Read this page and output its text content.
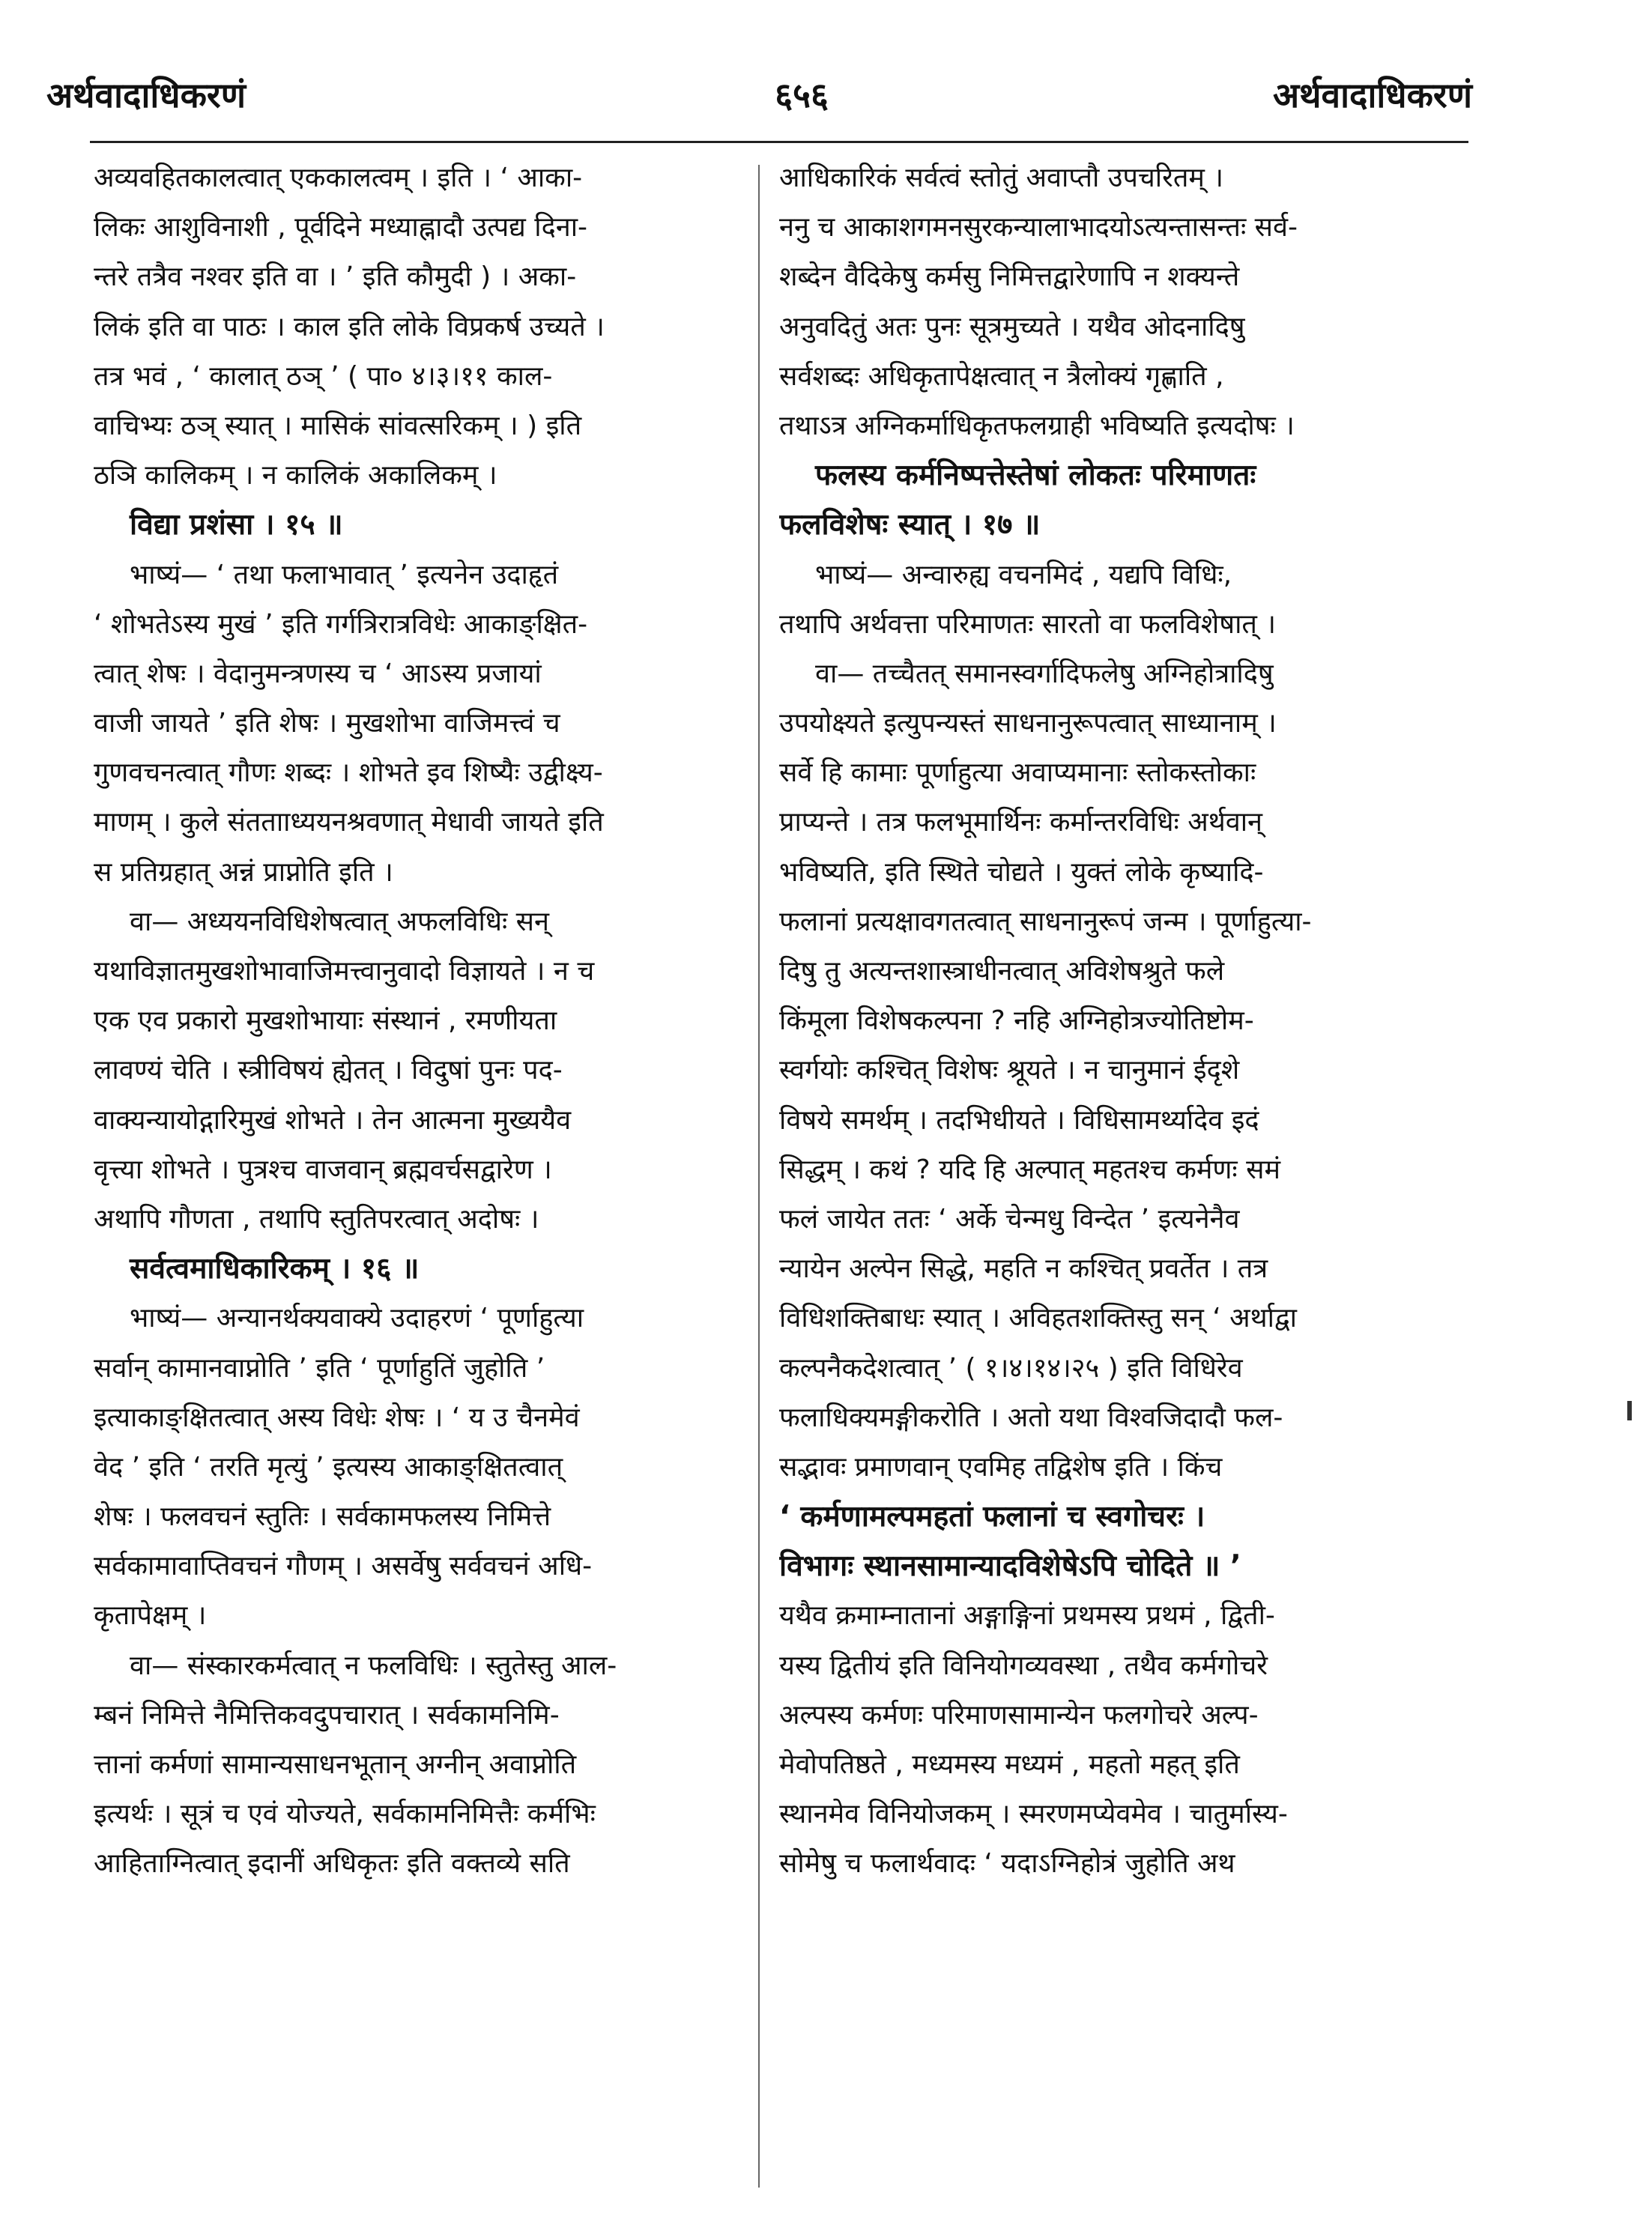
अर्थवादाधिकरणं	६५६	अर्थवादाधिकरणं
अव्यवहितकालत्वात् एककालत्वम् । इति । ‘ आका-
लिकः आशुविनाशी , पूर्वदिने मध्याह्नादौ उत्पद्य दिना-
न्तरे तत्रैव नश्वर इति वा । ’ इति कौमुदी ) । अका-
लिकं इति वा पाठः । काल इति लोके विप्रकर्ष उच्यते ।
तत्र भवं , ‘ कालात् ठञ् ’ ( पा० ४।३।११ काल-
वाचिभ्यः ठञ् स्यात् । मासिकं सांवत्सरिकम् । ) इति
ठञि कालिकम् । न कालिकं अकालिकम् ।
विद्या प्रशंसा । १५ ॥
भाष्यं— ‘ तथा फलाभावात् ’ इत्यनेन उदाहृतं
‘ शोभतेऽस्य मुखं ’ इति गर्गत्रिरात्रविधेः आकाङ्क्षित-
त्वात् शेषः । वेदानुमन्त्रणस्य च ‘ आऽस्य प्रजायां
वाजी जायते ’ इति शेषः । मुखशोभा वाजिमत्त्वं च
गुणवचनत्वात् गौणः शब्दः । शोभते इव शिष्यैः उद्वीक्ष्य-
माणम् । कुले संततााध्ययनश्रवणात् मेधावी जायते इति
स प्रतिग्रहात् अन्नं प्राप्नोति इति ।
वा— अध्ययनविधिशेषत्वात् अफलविधिः सन्
यथाविज्ञातमुखशोभावाजिमत्त्वानुवादो विज्ञायते । न च
एक एव प्रकारो मुखशोभायाः संस्थानं , रमणीयता
लावण्यं चेति । स्त्रीविषयं ह्येतत् । विदुषां पुनः पद-
वाक्यन्यायोद्गारिमुखं शोभते । तेन आत्मना मुख्ययैव
वृत्त्या शोभते । पुत्रश्च वाजवान् ब्रह्मवर्चसद्वारेण ।
अथापि गौणता , तथापि स्तुतिपरत्वात् अदोषः ।
सर्वत्वमाधिकारिकम् । १६ ॥
भाष्यं— अन्यानर्थक्यवाक्ये उदाहरणं ‘ पूर्णाहुत्या
सर्वान् कामानवाप्नोति ’ इति ‘ पूर्णाहुतिं जुहोति ’
इत्याकाङ्क्षितत्वात् अस्य विधेः शेषः । ‘ य उ चैनमेवं
वेद ’ इति ‘ तरति मृत्युं ’ इत्यस्य आकाङ्क्षितत्वात्
शेषः । फलवचनं स्तुतिः । सर्वकामफलस्य निमित्ते
सर्वकामावाप्तिवचनं गौणम् । असर्वेषु सर्ववचनं अधि-
कृतापेक्षम् ।
वा— संस्कारकर्मत्वात् न फलविधिः । स्तुतेस्तु आल-
म्बनं निमित्ते नैमित्तिकवदुपचारात् । सर्वकामनिमि-
त्तानां कर्मणां सामान्यसाधनभूतान् अग्नीन् अवाप्नोति
इत्यर्थः । सूत्रं च एवं योज्यते, सर्वकामनिमित्तैः कर्मभिः
आहिताग्नित्वात् इदानीं अधिकृतः इति वक्तव्ये सति
आधिकारिकं सर्वत्वं स्तोतुं अवाप्तौ उपचरितम् ।
ननु च आकाशगमनसुरकन्यालाभादयोऽत्यन्तासन्तः सर्व-
शब्देन वैदिकेषु कर्मसु निमित्तद्वारेणापि न शक्यन्ते
अनुवदितुं अतः पुनः सूत्रमुच्यते । यथैव ओदनादिषु
सर्वशब्दः अधिकृतापेक्षत्वात् न त्रैलोक्यं गृह्णाति ,
तथाऽत्र अग्निकर्माधिकृतफलग्राही भविष्यति इत्यदोषः ।
फलस्य कर्मनिष्पत्तेस्तेषां लोकतः परिमाणतः
फलविशेषः स्यात् । १७ ॥
भाष्यं— अन्वारुह्य वचनमिदं , यद्यपि विधिः,
तथापि अर्थवत्ता परिमाणतः सारतो वा फलविशेषात् ।
वा— तच्चैतत् समानस्वर्गादिफलेषु अग्निहोत्रादिषु
उपयोक्ष्यते इत्युपन्यस्तं साधनानुरूपत्वात् साध्यानाम् ।
सर्वे हि कामाः पूर्णाहुत्या अवाप्यमानाः स्तोकस्तोकाः
प्राप्यन्ते । तत्र फलभूमार्थिनः कर्मान्तरविधिः अर्थवान्
भविष्यति, इति स्थिते चोद्यते । युक्तं लोके कृष्यादि-
फलानां प्रत्यक्षावगतत्वात् साधनानुरूपं जन्म । पूर्णाहुत्या-
दिषु तु अत्यन्तशास्त्राधीनत्वात् अविशेषश्रुते फले
किंमूला विशेषकल्पना ? नहि अग्निहोत्रज्योतिष्टोम-
स्वर्गयोः कश्चित् विशेषः श्रूयते । न चानुमानं ईदृशे
विषये समर्थम् । तदभिधीयते । विधिसामर्थ्यादेव इदं
सिद्धम् । कथं ? यदि हि अल्पात् महतश्च कर्मणः समं
फलं जायेत ततः ‘ अर्के चेन्मधु विन्देत ’ इत्यनेनैव
न्यायेन अल्पेन सिद्धे, महति न कश्चित् प्रवर्तेत । तत्र
विधिशक्तिबाधः स्यात् । अविहतशक्तिस्तु सन् ‘ अर्थाद्वा
कल्पनैकदेशत्वात् ’ ( १।४।१४।२५ ) इति विधिरेव
फलाधिक्यमङ्गीकरोति । अतो यथा विश्वजिदादौ फल-
सद्भावः प्रमाणवान् एवमिह तद्विशेष इति । किंच
‘ कर्मणामल्पमहतां फलानां च स्वगोचरः ।
विभागः स्थानसामान्यादविशेषेऽपि चोदिते ॥ ’
यथैव क्रमाम्नातानां अङ्गाङ्गिनां प्रथमस्य प्रथमं , द्विती-
यस्य द्वितीयं इति विनियोगव्यवस्था , तथैव कर्मगोचरे
अल्पस्य कर्मणः परिमाणसामान्येन फलगोचरे अल्प-
मेवोपतिष्ठते , मध्यमस्य मध्यमं , महतो महत् इति
स्थानमेव विनियोजकम् । स्मरणमप्येवमेव । चातुर्मास्य-
सोमेषु च फलार्थवादः ‘ यदाऽग्निहोत्रं जुहोति अथ
